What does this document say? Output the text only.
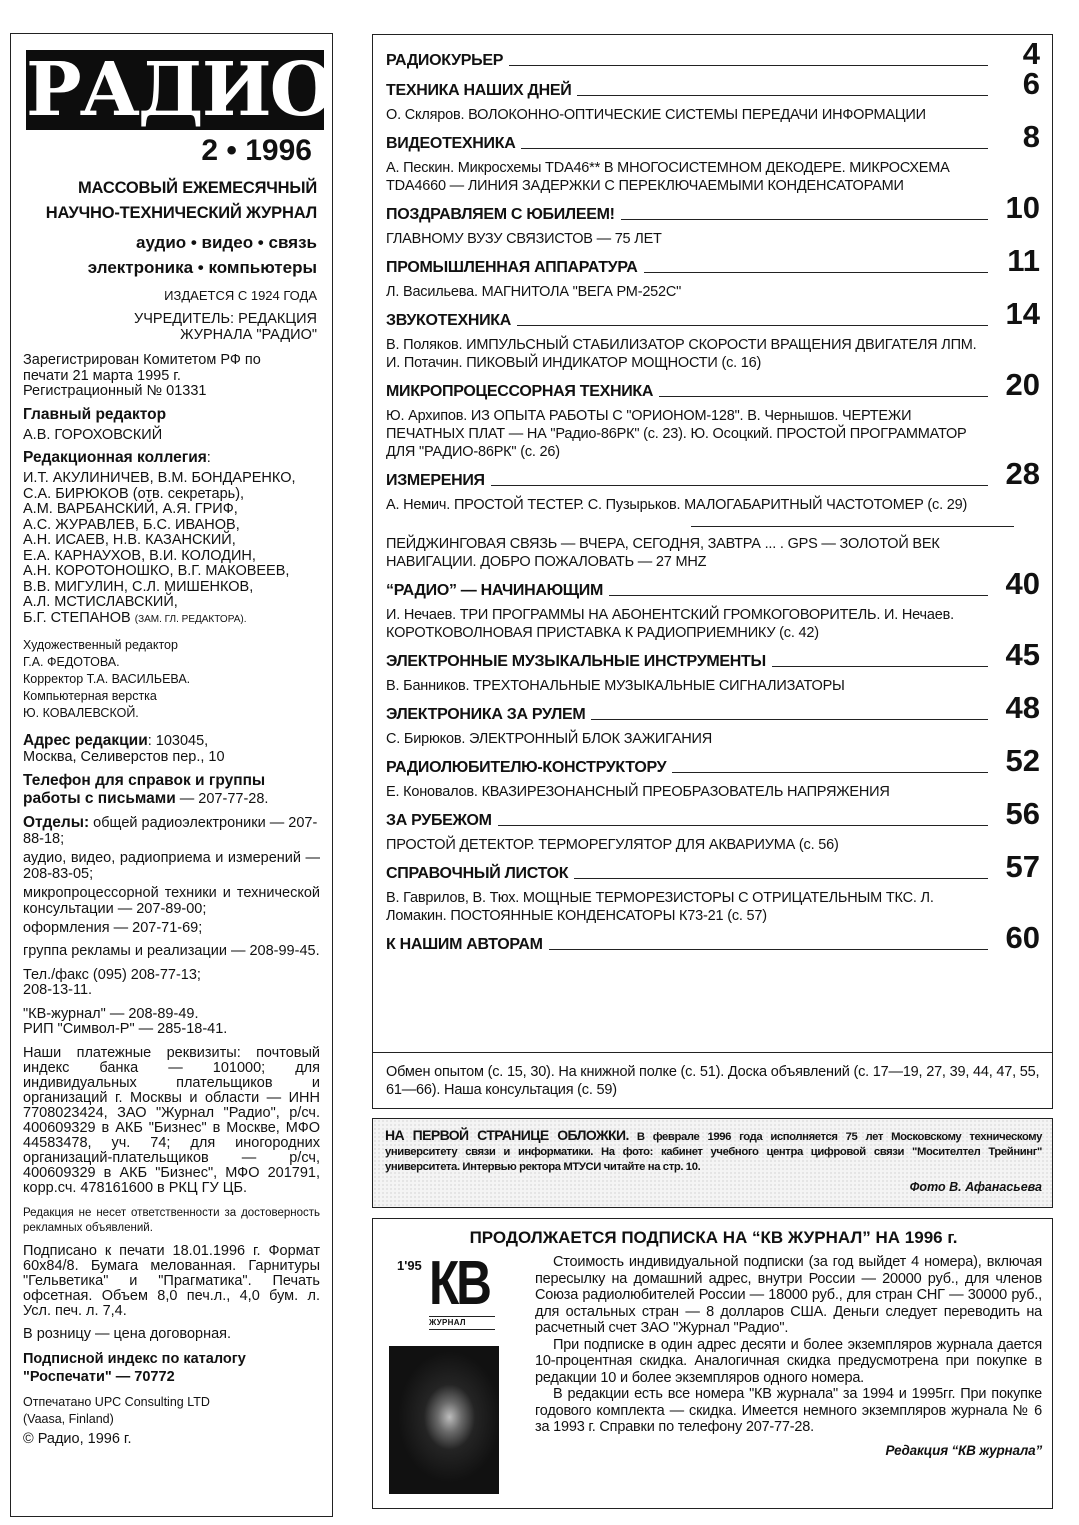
РАДИО
2 • 1996
МАССОВЫЙ ЕЖЕМЕСЯЧНЫЙ
НАУЧНО-ТЕХНИЧЕСКИЙ ЖУРНАЛ
аудио • видео • связь
электроника • компьютеры
ИЗДАЕТСЯ С 1924 ГОДА
УЧРЕДИТЕЛЬ: РЕДАКЦИЯ
ЖУРНАЛА "РАДИО"
Зарегистрирован Комитетом РФ по
печати 21 марта 1995 г.
Регистрационный № 01331
Главный редактор
А.В. ГОРОХОВСКИЙ
Редакционная коллегия:
И.Т. АКУЛИНИЧЕВ, В.М. БОНДАРЕНКО,
С.А. БИРЮКОВ (отв. секретарь),
А.М. ВАРБАНСКИЙ, А.Я. ГРИФ,
А.С. ЖУРАВЛЕВ, Б.С. ИВАНОВ,
А.Н. ИСАЕВ, Н.В. КАЗАНСКИЙ,
Е.А. КАРНАУХОВ, В.И. КОЛОДИН,
А.Н. КОРОТОНОШКО, В.Г. МАКОВЕЕВ,
В.В. МИГУЛИН, С.Л. МИШЕНКОВ,
А.Л. МСТИСЛАВСКИЙ,
Б.Г. СТЕПАНОВ (ЗАМ. ГЛ. РЕДАКТОРА).
Художественный редактор
Г.А. ФЕДОТОВА.
Корректор Т.А. ВАСИЛЬЕВА.
Компьютерная верстка
Ю. КОВАЛЕВСКОЙ.
Адрес редакции: 103045,
Москва, Селиверстов пер., 10
Телефон для справок и группы работы с письмами — 207-77-28.
Отделы: общей радиоэлектроники — 207-88-18;
аудио, видео, радиоприема и измерений — 208-83-05;
микропроцессорной техники и технической консультации — 207-89-00;
оформления — 207-71-69;
группа рекламы и реализации — 208-99-45.
Тел./факс (095) 208-77-13;
208-13-11.
"КВ-журнал" — 208-89-49.
РИП "Символ-Р" — 285-18-41.
Наши платежные реквизиты: почтовый индекс банка — 101000; для индивидуальных плательщиков и организаций г. Москвы и области — ИНН 7708023424, ЗАО "Журнал "Радио", р/сч. 400609329 в АКБ "Бизнес" в Москве, МФО 44583478, уч. 74; для иногородних организаций-плательщиков — р/сч, 400609329 в АКБ "Бизнес", МФО 201791, корр.сч. 478161600 в РКЦ ГУ ЦБ.
Редакция не несет ответственности за достоверность рекламных объявлений.
Подписано к печати 18.01.1996 г. Формат 60x84/8. Бумага мелованная. Гарнитуры "Гельветика" и "Прагматика". Печать офсетная. Объем 8,0 печ.л., 4,0 бум. л. Усл. печ. л. 7,4.
В розницу — цена договорная.
Подписной индекс по каталогу
"Роспечати" — 70772
Отпечатано UPC Consulting LTD
(Vaasa, Finland)
© Радио, 1996 г.
РАДИОКУРЬЕР	4
ТЕХНИКА НАШИХ ДНЕЙ	6
О. Скляров. ВОЛОКОННО-ОПТИЧЕСКИЕ СИСТЕМЫ ПЕРЕДАЧИ ИНФОРМАЦИИ
ВИДЕОТЕХНИКА	8
А. Пескин. Микросхемы TDA46** В МНОГОСИСТЕМНОМ ДЕКОДЕРЕ. МИКРОСХЕМА TDA4660 — ЛИНИЯ ЗАДЕРЖКИ С ПЕРЕКЛЮЧАЕМЫМИ КОНДЕНСАТОРАМИ
ПОЗДРАВЛЯЕМ С ЮБИЛЕЕМ!	10
ГЛАВНОМУ ВУЗУ СВЯЗИСТОВ — 75 ЛЕТ
ПРОМЫШЛЕННАЯ АППАРАТУРА	11
Л. Васильева. МАГНИТОЛА "ВЕГА РМ-252С"
ЗВУКОТЕХНИКА	14
В. Поляков. ИМПУЛЬСНЫЙ СТАБИЛИЗАТОР СКОРОСТИ ВРАЩЕНИЯ ДВИГАТЕЛЯ ЛПМ. И. Потачин. ПИКОВЫЙ ИНДИКАТОР МОЩНОСТИ (с. 16)
МИКРОПРОЦЕССОРНАЯ ТЕХНИКА	20
Ю. Архипов. ИЗ ОПЫТА РАБОТЫ С "ОРИОНОМ-128". В. Чернышов. ЧЕРТЕЖИ ПЕЧАТНЫХ ПЛАТ — НА "Радио-86РК" (с. 23). Ю. Осоцкий. ПРОСТОЙ ПРОГРАММАТОР ДЛЯ "РАДИО-86РК" (с. 26)
ИЗМЕРЕНИЯ	28
А. Немич. ПРОСТОЙ ТЕСТЕР. С. Пузырьков. МАЛОГАБАРИТНЫЙ ЧАСТОТОМЕР (с. 29)
ПЕЙДЖИНГОВАЯ СВЯЗЬ — ВЧЕРА, СЕГОДНЯ, ЗАВТРА ... . GPS — ЗОЛОТОЙ ВЕК НАВИГАЦИИ. ДОБРО ПОЖАЛОВАТЬ — 27 MHZ
“РАДИО” — НАЧИНАЮЩИМ	40
И. Нечаев. ТРИ ПРОГРАММЫ НА АБОНЕНТСКИЙ ГРОМКОГОВОРИТЕЛЬ. И. Нечаев. КОРОТКОВОЛНОВАЯ ПРИСТАВКА К РАДИОПРИЕМНИКУ (с. 42)
ЭЛЕКТРОННЫЕ МУЗЫКАЛЬНЫЕ ИНСТРУМЕНТЫ	45
В. Банников. ТРЕХТОНАЛЬНЫЕ МУЗЫКАЛЬНЫЕ СИГНАЛИЗАТОРЫ
ЭЛЕКТРОНИКА ЗА РУЛЕМ	48
С. Бирюков. ЭЛЕКТРОННЫЙ БЛОК ЗАЖИГАНИЯ
РАДИОЛЮБИТЕЛЮ-КОНСТРУКТОРУ	52
Е. Коновалов. КВАЗИРЕЗОНАНСНЫЙ ПРЕОБРАЗОВАТЕЛЬ НАПРЯЖЕНИЯ
ЗА РУБЕЖОМ	56
ПРОСТОЙ ДЕТЕКТОР. ТЕРМОРЕГУЛЯТОР ДЛЯ АКВАРИУМА (с. 56)
СПРАВОЧНЫЙ ЛИСТОК	57
В. Гаврилов, В. Тюх. МОЩНЫЕ ТЕРМОРЕЗИСТОРЫ С ОТРИЦАТЕЛЬНЫМ ТКС. Л. Ломакин. ПОСТОЯННЫЕ КОНДЕНСАТОРЫ К73-21 (с. 57)
К НАШИМ АВТОРАМ	60
Обмен опытом (с. 15, 30). На книжной полке (с. 51). Доска объявлений (с. 17—19, 27, 39, 44, 47, 55, 61—66). Наша консультация (с. 59)
НА ПЕРВОЙ СТРАНИЦЕ ОБЛОЖКИ. В феврале 1996 года исполняется 75 лет Московскому техническому университету связи и информатики. На фото: кабинет учебного центра цифровой связи "Мосителтел Трейнинг" университета. Интервью ректора МТУСИ читайте на стр. 10.
Фото В. Афанасьева
ПРОДОЛЖАЕТСЯ ПОДПИСКА НА “КВ ЖУРНАЛ” НА 1996 г.
1'95 КВ
ЖУРНАЛ

Стоимость индивидуальной подписки (за год выйдет 4 номера), включая пересылку на домашний адрес, внутри России — 20000 руб., для членов Союза радиолюбителей России — 18000 руб., для стран СНГ — 30000 руб., для остальных стран — 8 долларов США. Деньги следует переводить на расчетный счет ЗАО "Журнал "Радио".

При подписке в один адрес десяти и более экземпляров журнала дается 10-процентная скидка. Аналогичная скидка предусмотрена при покупке в редакции 10 и более экземпляров одного номера.

В редакции есть все номера "КВ журнала" за 1994 и 1995гг. При покупке годового комплекта — скидка. Имеется немного экземпляров журнала № 6 за 1993 г. Справки по телефону 207-77-28.

Редакция “КВ журнала”
